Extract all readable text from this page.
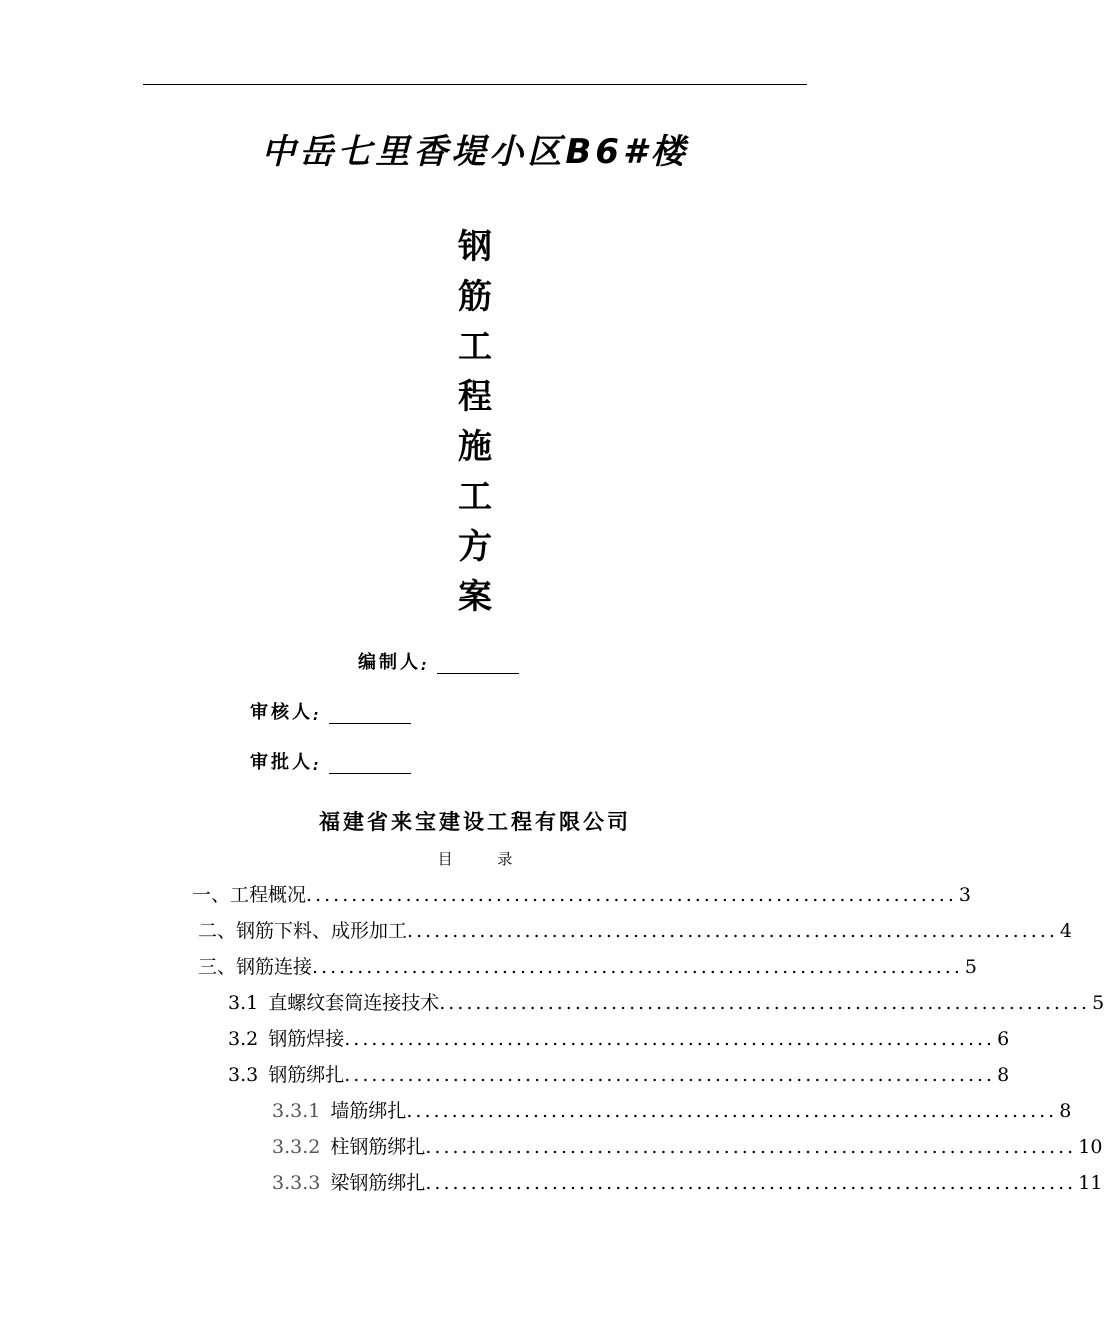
中岳七里香堤小区B6#楼
钢
筋
工
程
施
工
方
案
编制人 :
审核人 :
审批人 :
福建省来宝建设工程有限公司
目 录
一、 工程概况 ........................................................................ 3
二、 钢筋下料、成形加工 ........................................................................ 4
三、 钢筋连接 ........................................................................ 5
3.1 直螺纹套筒连接技术 ........................................................................ 5
3.2 钢筋焊接 ........................................................................ 6
3.3 钢筋绑扎 ........................................................................ 8
3.3.1 墙筋绑扎 ........................................................................ 8
3.3.2 柱钢筋绑扎 ........................................................................ 10
3.3.3 梁钢筋绑扎 ........................................................................ 11
